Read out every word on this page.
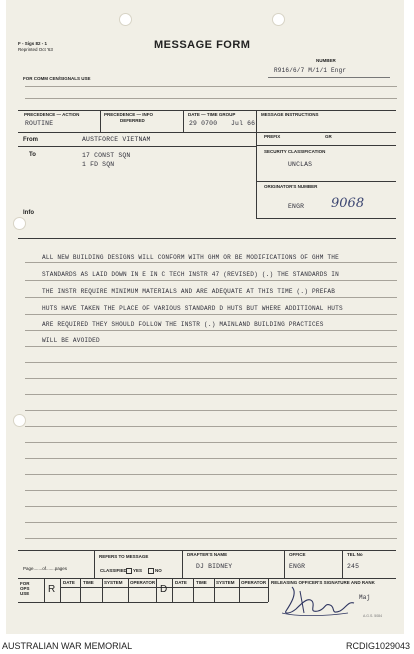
F - Sigs 82 - 1
Reprinted Oct '63	MESSAGE FORM
NUMBER
R916/6/7 M/1/1 Engr
FOR COMM CEN/SIGNALS USE
PRECEDENCE — ACTION
ROUTINE
PRECEDENCE — INFO
DEFERRED
DATE — TIME GROUP
29 0700 Jul 66
MESSAGE INSTRUCTIONS
From	AUSTFORCE VIETNAM	PREFIX	GR
To	17 CONST SQN
1 FD SQN
SECURITY CLASSIFICATION
UNCLAS
ORIGINATOR'S NUMBER
ENGR 9068
Info
ALL NEW BUILDING DESIGNS WILL CONFORM WITH GHM OR BE MODIFICATIONS OF GHM THE
STANDARDS AS LAID DOWN IN E IN C TECH INSTR 47 (REVISED) (.) THE STANDARDS IN
THE INSTR REQUIRE MINIMUM MATERIALS AND ARE ADEQUATE AT THIS TIME (.) PREFAB
HUTS HAVE TAKEN THE PLACE OF VARIOUS STANDARD D HUTS BUT WHERE ADDITIONAL HUTS
ARE REQUIRED THEY SHOULD FOLLOW THE INSTR (.) MAINLAND BUILDING PRACTICES
WILL BE AVOIDED
Page.......of.......pages
REFERS TO MESSAGE
CLASSIFIED YES	NO
DRAFTER'S NAME
DJ BIDNEY
OFFICE
ENGR
TEL No
245
FOR
OPS
USE	R
DATE TIME SYSTEM OPERATOR
D
DATE TIME SYSTEM OPERATOR RELEASING OFFICER'S SIGNATURE AND RANK
Maj
A.G.S. 5084
AUSTRALIAN WAR MEMORIAL	RCDIG1029043
